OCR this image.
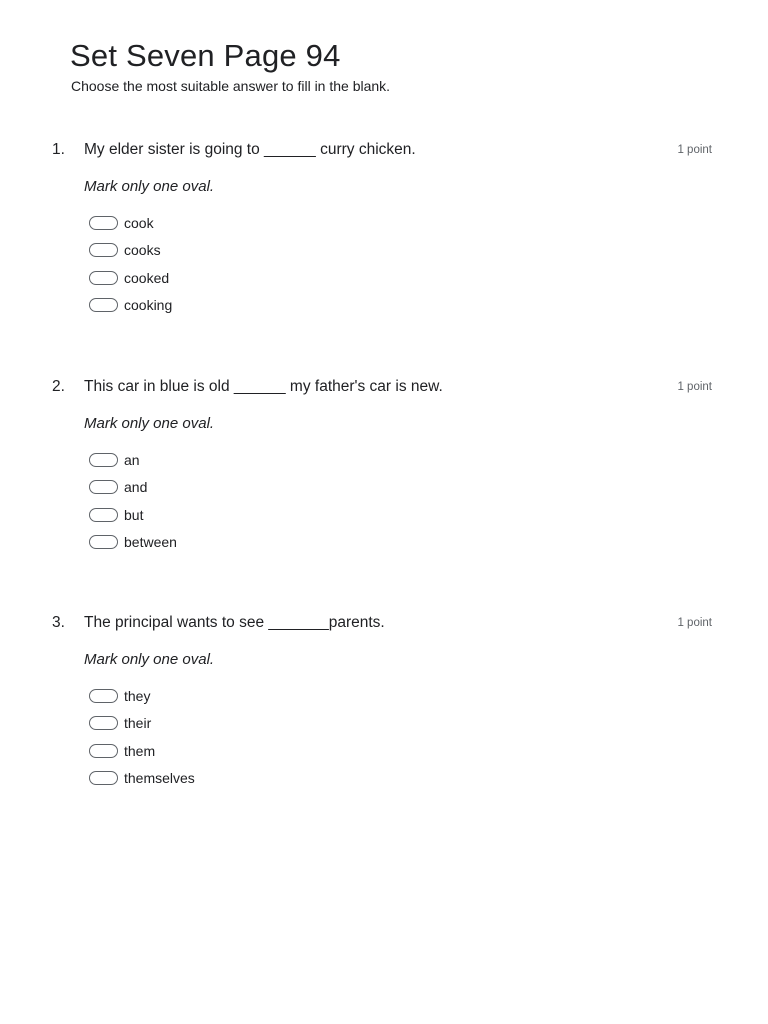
Set Seven Page 94

Choose the most suitable answer to fill in the blank.

1. My elder sister is going to ______ curry chicken.	1 point
Mark only one oval.
cook
cooks
cooked
cooking
2. This car in blue is old ______ my father's car is new.	1 point
Mark only one oval.
an
and
but
between
3. The principal wants to see _______parents.	1 point
Mark only one oval.
they
their
them
themselves
